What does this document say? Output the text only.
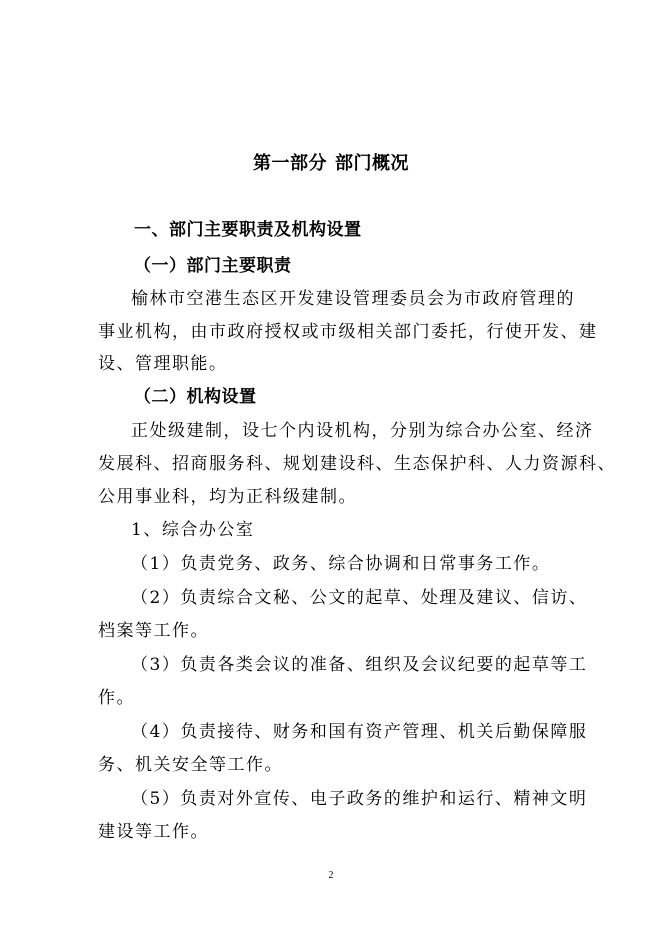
第一部分 部门概况
一、部门主要职责及机构设置
（一）部门主要职责
榆林市空港生态区开发建设管理委员会为市政府管理的
事业机构，由市政府授权或市级相关部门委托，行使开发、建
设、管理职能。
（二）机构设置
正处级建制，设七个内设机构，分别为综合办公室、经济
发展科、招商服务科、规划建设科、生态保护科、人力资源科、
公用事业科，均为正科级建制。
1、综合办公室
（1）负责党务、政务、综合协调和日常事务工作。
（2）负责综合文秘、公文的起草、处理及建议、信访、
档案等工作。
（3）负责各类会议的准备、组织及会议纪要的起草等工
作。
（4）负责接待、财务和国有资产管理、机关后勤保障服
务、机关安全等工作。
（5）负责对外宣传、电子政务的维护和运行、精神文明
建设等工作。
2
